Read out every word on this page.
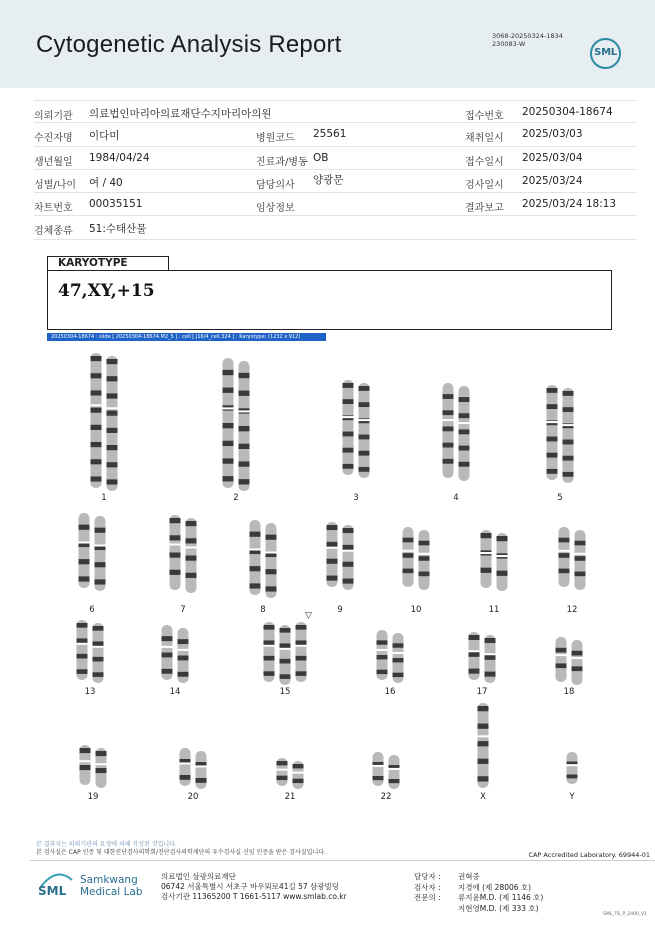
Cytogenetic Analysis Report	3068-20250324-1834
230083-W
SML
의뢰기관 의료법인마리아의료재단수지마리아의원	접수번호 20250304-18674
수진자명 이다미	병원코드 25561	채취일시 2025/03/03
생년월일 1984/04/24	진료과/병동 OB	접수일시 2025/03/04
성별/나이 여 / 40	담당의사 양광문	검사일시 2025/03/24
차트번호 00035151	임상정보	결과보고 2025/03/24 18:13
검체종류 51:수태산물
KARYOTYPE
47,XY,+15
20250304-18674 : slide [ 20250304-18674.M2_5 ] : cell [ J16/4_cell.324 ] : Karyotype: (1232 x 912)
1	2	3	4	5
6	7	8	9	10	11	12
13	14	15	16	17	18
19	20	21	22	X	Y
▽
본 결과지는 의뢰기관의 요청에 의해 작성된 것입니다.
본 검사실은 CAP 인증 및 대한진단검사의학회/진단검사의학재단의 우수검사실 신임 인증을 받은 검사실입니다.	CAP Accredited Laboratory. 69944-01
SML
Samkwang
Medical Lab
의료법인 삼광의료재단
06742 서울특별시 서초구 바우뫼로41길 57 삼광빌딩
검사기관 11365200 T 1661-5117 www.smlab.co.kr
담당자 : 권혁중
검사자 : 지경애 (제 28006 호)
전문의 : 류지윤M.D. (제 1146 호)
지현영M.D. (제 333 호)
SML_T6_P_2400_V1
